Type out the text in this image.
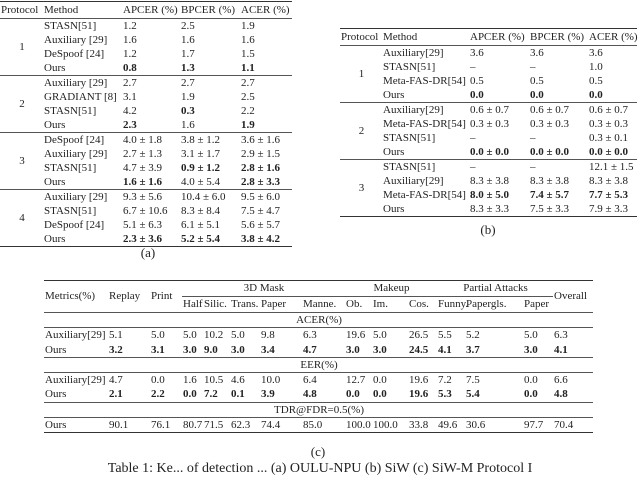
Protocol	Method	APCER (%)	BPCER (%)	ACER (%)
1	STASN[51]	1.2	2.5	1.9
	Auxiliary [29]	1.6	1.6	1.6
	DeSpoof [24]	1.2	1.7	1.5
	Ours	0.8	1.3	1.1
2	Auxiliary [29]	2.7	2.7	2.7
	GRADIANT [8]	3.1	1.9	2.5
	STASN[51]	4.2	0.3	2.2
	Ours	2.3	1.6	1.9
3	DeSpoof [24]	4.0 ± 1.8	3.8 ± 1.2	3.6 ± 1.6
	Auxiliary [29]	2.7 ± 1.3	3.1 ± 1.7	2.9 ± 1.5
	STASN[51]	4.7 ± 3.9	0.9 ± 1.2	2.8 ± 1.6
	Ours	1.6 ± 1.6	4.0 ± 5.4	2.8 ± 3.3
4	Auxiliary [29]	9.3 ± 5.6	10.4 ± 6.0	9.5 ± 6.0
	STASN[51]	6.7 ± 10.6	8.3 ± 8.4	7.5 ± 4.7
	DeSpoof [24]	5.1 ± 6.3	6.1 ± 5.1	5.6 ± 5.7
	Ours	2.3 ± 3.6	5.2 ± 5.4	3.8 ± 4.2
(a)
Protocol	Method	APCER (%)	BPCER (%)	ACER (%)
1	Auxiliary[29]	3.6	3.6	3.6
	STASN[51]	–	–	1.0
	Meta-FAS-DR[54]	0.5	0.5	0.5
	Ours	0.0	0.0	0.0
2	Auxiliary[29]	0.6 ± 0.7	0.6 ± 0.7	0.6 ± 0.7
	Meta-FAS-DR[54]	0.3 ± 0.3	0.3 ± 0.3	0.3 ± 0.3
	STASN[51]	–	–	0.3 ± 0.1
	Ours	0.0 ± 0.0	0.0 ± 0.0	0.0 ± 0.0
3	STASN[51]	–	–	12.1 ± 1.5
	Auxiliary[29]	8.3 ± 3.8	8.3 ± 3.8	8.3 ± 3.8
	Meta-FAS-DR[54]	8.0 ± 5.0	7.4 ± 5.7	7.7 ± 5.3
	Ours	8.3 ± 3.3	7.5 ± 3.3	7.9 ± 3.3
(b)
Metrics(%)	Replay	Print	3D Mask					Makeup			Partial Attacks			Overall
			Half	Silic.	Trans.	Paper	Manne.	Ob.	Im.	Cos.	Funny.	Papergls.	Paper	
ACER(%)														
Auxiliary[29]	5.1	5.0	5.0	10.2	5.0	9.8	6.3	19.6	5.0	26.5	5.5	5.2	5.0	6.3
Ours	3.2	3.1	3.0	9.0	3.0	3.4	4.7	3.0	3.0	24.5	4.1	3.7	3.0	4.1
EER(%)														
Auxiliary[29]	4.7	0.0	1.6	10.5	4.6	10.0	6.4	12.7	0.0	19.6	7.2	7.5	0.0	6.6
Ours	2.1	2.2	0.0	7.2	0.1	3.9	4.8	0.0	0.0	19.6	5.3	5.4	0.0	4.8
TDR@FDR=0.5(%)														
Ours	90.1	76.1	80.7	71.5	62.3	74.4	85.0	100.0	100.0	33.8	49.6	30.6	97.7	70.4
(c)
Table 1: Ke... of detection ... (a) OULU-NPU (b) SiW (c) SiW-M Protocol I
